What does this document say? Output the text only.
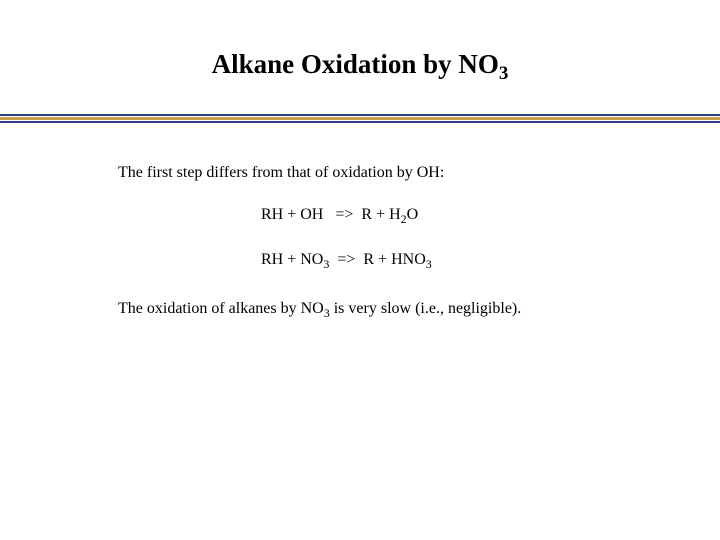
Alkane Oxidation by $NO_3$
The first step differs from that of oxidation by OH:
RH + OH => $R + H_2O$
RH + $NO_3 => R + HNO_3$
The oxidation of alkanes by $NO_3$ is very slow (i.e., negligible).
